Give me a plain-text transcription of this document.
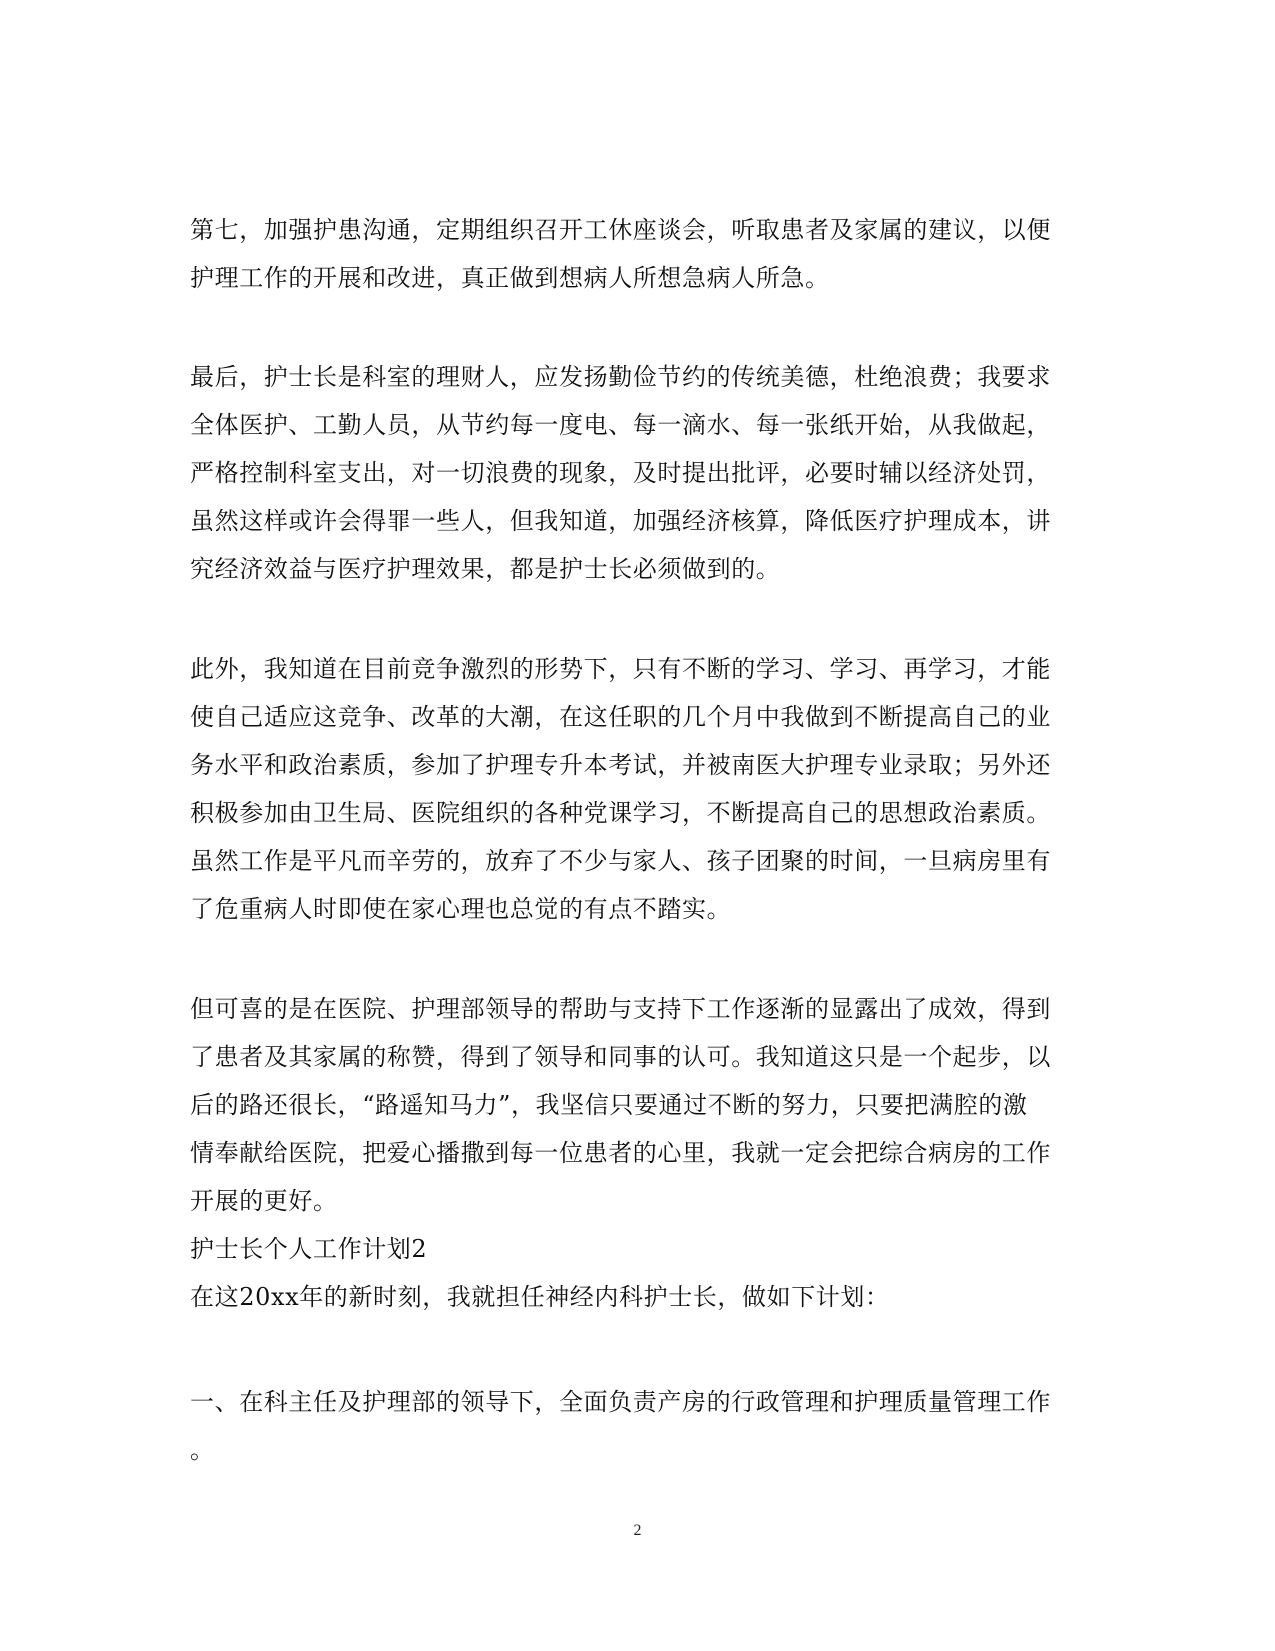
第七，加强护患沟通，定期组织召开工休座谈会，听取患者及家属的建议，以便
护理工作的开展和改进，真正做到想病人所想急病人所急。
最后，护士长是科室的理财人，应发扬勤俭节约的传统美德，杜绝浪费；我要求
全体医护、工勤人员，从节约每一度电、每一滴水、每一张纸开始，从我做起，
严格控制科室支出，对一切浪费的现象，及时提出批评，必要时辅以经济处罚，
虽然这样或许会得罪一些人，但我知道，加强经济核算，降低医疗护理成本，讲
究经济效益与医疗护理效果，都是护士长必须做到的。
此外，我知道在目前竞争激烈的形势下，只有不断的学习、学习、再学习，才能
使自己适应这竞争、改革的大潮，在这任职的几个月中我做到不断提高自己的业
务水平和政治素质，参加了护理专升本考试，并被南医大护理专业录取；另外还
积极参加由卫生局、医院组织的各种党课学习，不断提高自己的思想政治素质。
虽然工作是平凡而辛劳的，放弃了不少与家人、孩子团聚的时间，一旦病房里有
了危重病人时即使在家心理也总觉的有点不踏实。
但可喜的是在医院、护理部领导的帮助与支持下工作逐渐的显露出了成效，得到
了患者及其家属的称赞，得到了领导和同事的认可。我知道这只是一个起步，以
后的路还很长，“路遥知马力”，我坚信只要通过不断的努力，只要把满腔的激
情奉献给医院，把爱心播撒到每一位患者的心里，我就一定会把综合病房的工作
开展的更好。
护士长个人工作计划2
在这20xx年的新时刻，我就担任神经内科护士长，做如下计划：
一、在科主任及护理部的领导下，全面负责产房的行政管理和护理质量管理工作
。
2
